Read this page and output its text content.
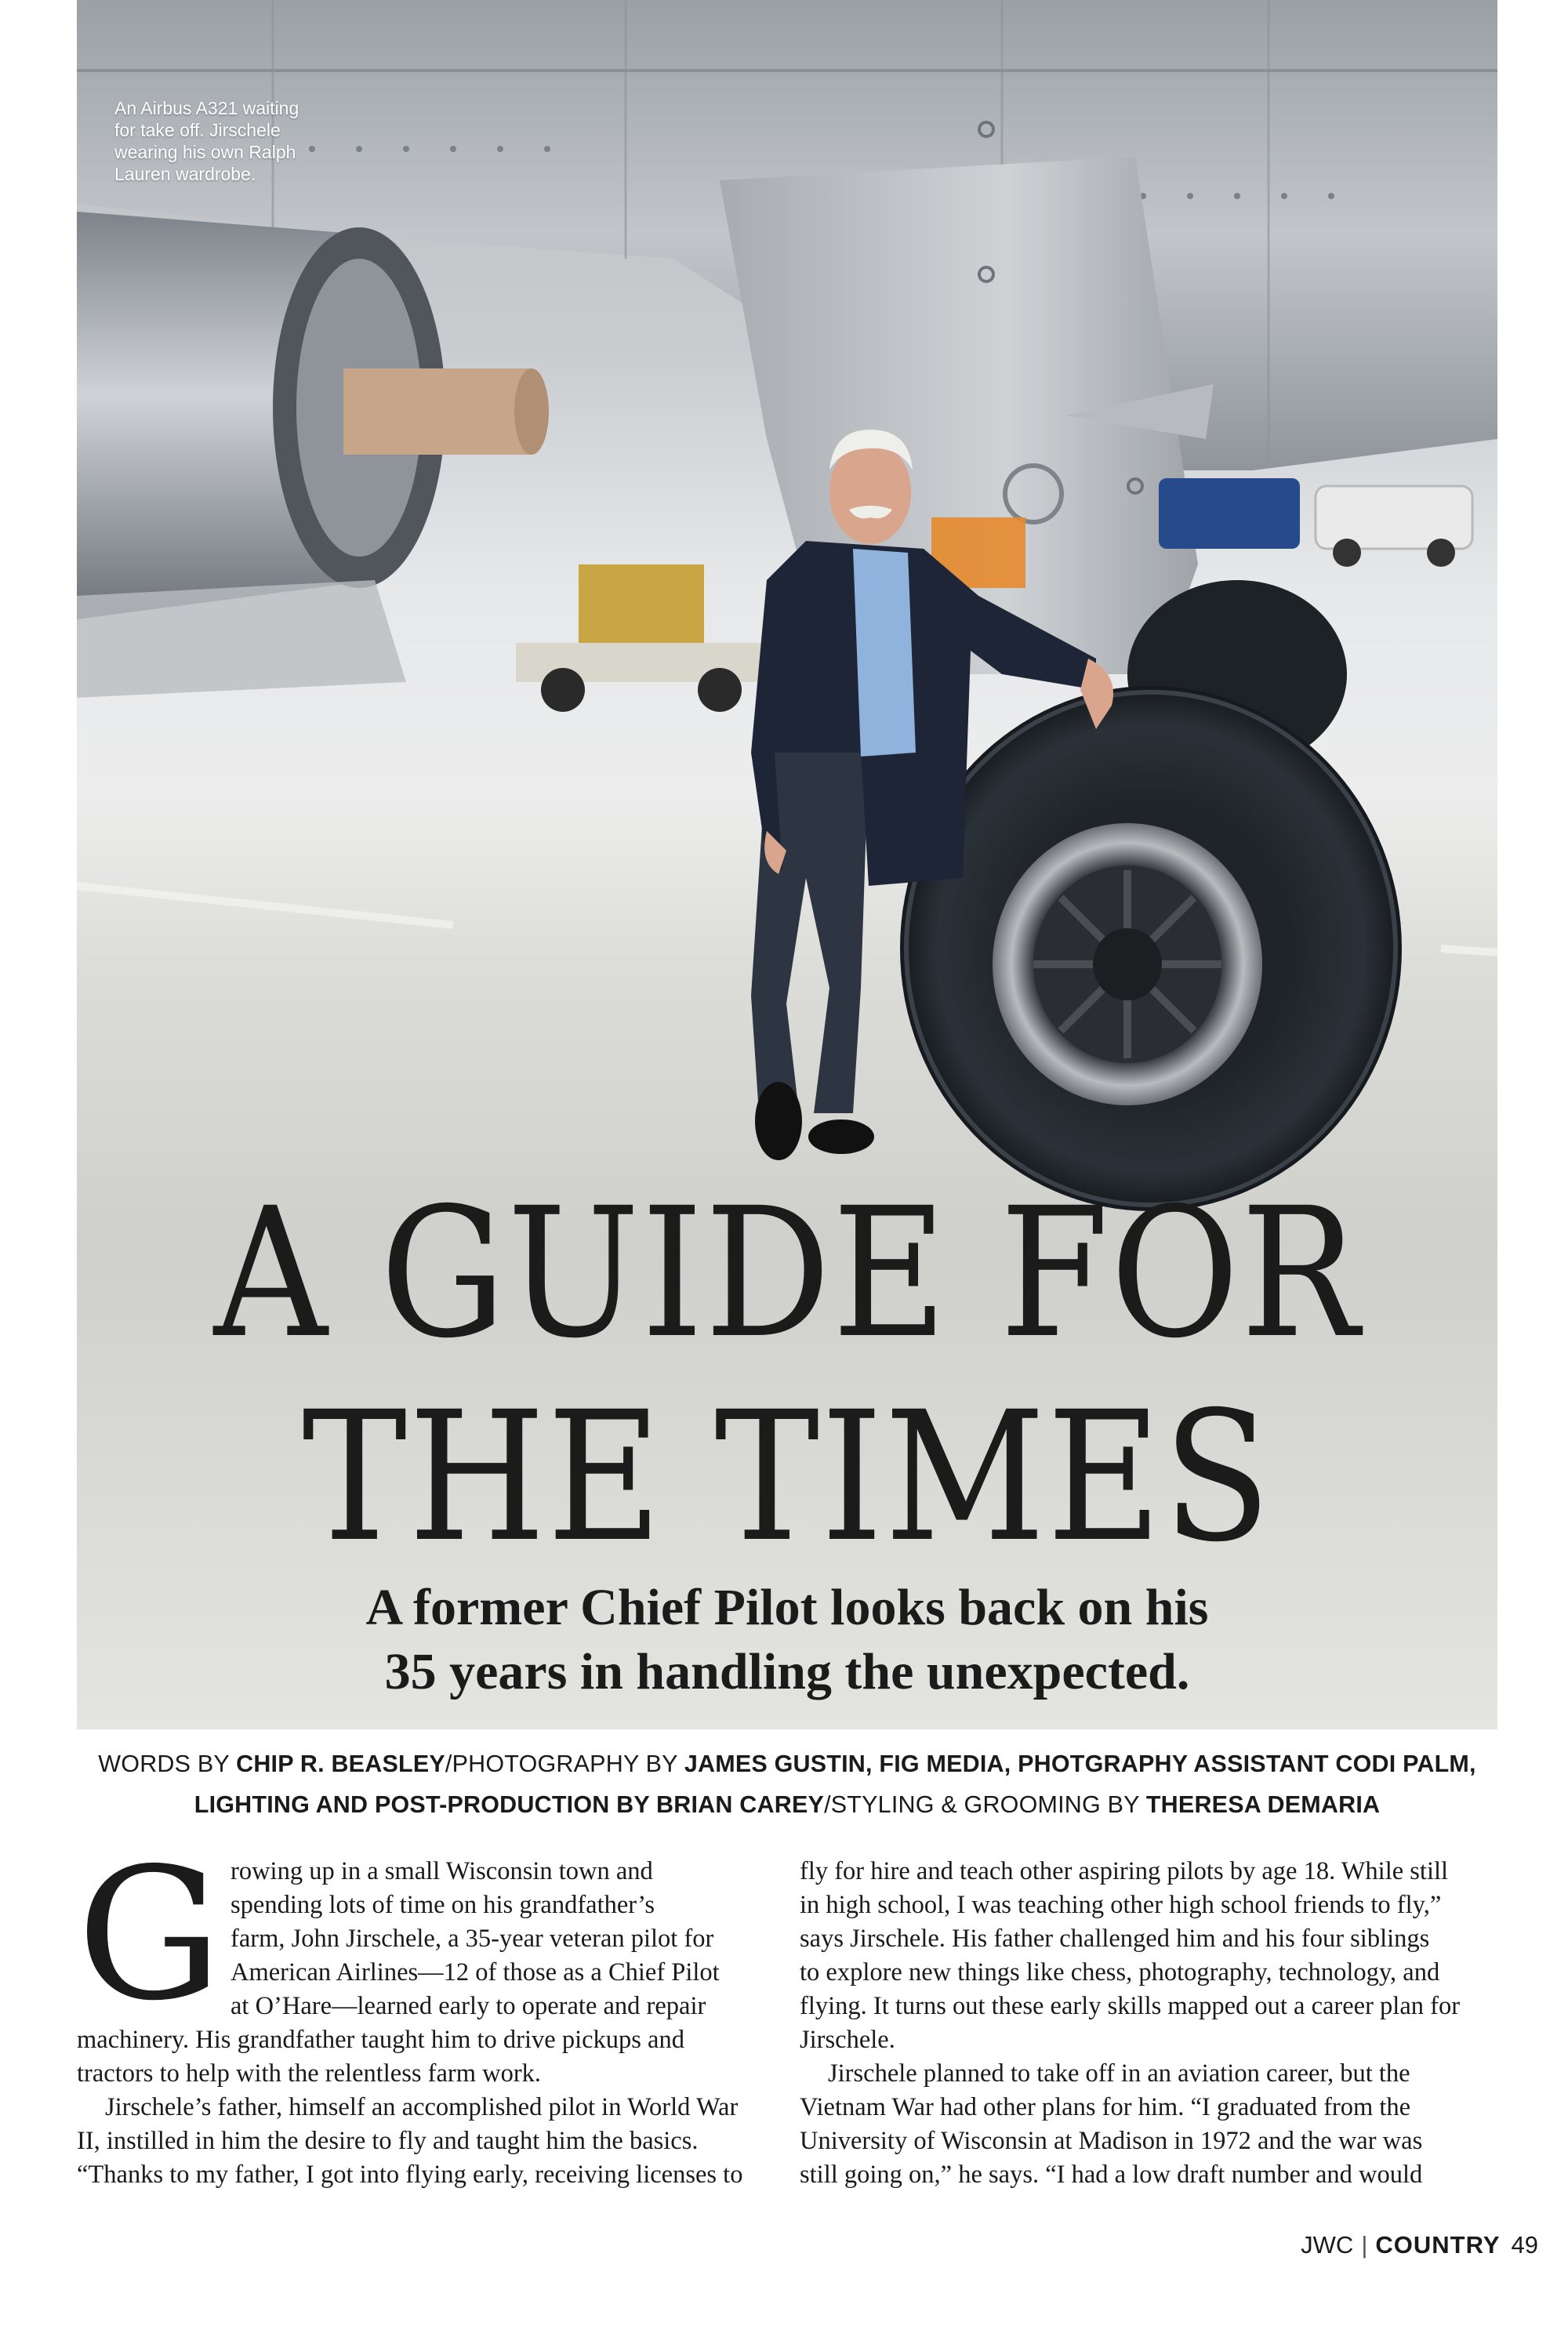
An Airbus A321 waiting
for take off. Jirschele
wearing his own Ralph
Lauren wardrobe.
A GUIDE FOR
THE TIMES
A former Chief Pilot looks back on his
35 years in handling the unexpected.
WORDS BY CHIP R. BEASLEY/PHOTOGRAPHY BY JAMES GUSTIN, FIG MEDIA, PHOTGRAPHY ASSISTANT CODI PALM,
LIGHTING AND POST-PRODUCTION BY BRIAN CAREY/STYLING & GROOMING BY THERESA DEMARIA
G rowing up in a small Wisconsin town and
spending lots of time on his grandfather’s
farm, John Jirschele, a 35-year veteran pilot for
American Airlines—12 of those as a Chief Pilot
at O’Hare—learned early to operate and repair
machinery. His grandfather taught him to drive pickups and
tractors to help with the relentless farm work.
Jirschele’s father, himself an accomplished pilot in World War
II, instilled in him the desire to fly and taught him the basics.
“Thanks to my father, I got into flying early, receiving licenses to
fly for hire and teach other aspiring pilots by age 18. While still
in high school, I was teaching other high school friends to fly,”
says Jirschele. His father challenged him and his four siblings
to explore new things like chess, photography, technology, and
flying. It turns out these early skills mapped out a career plan for
Jirschele.
Jirschele planned to take off in an aviation career, but the
Vietnam War had other plans for him. “I graduated from the
University of Wisconsin at Madison in 1972 and the war was
still going on,” he says. “I had a low draft number and would
JWC | COUNTRY 49
